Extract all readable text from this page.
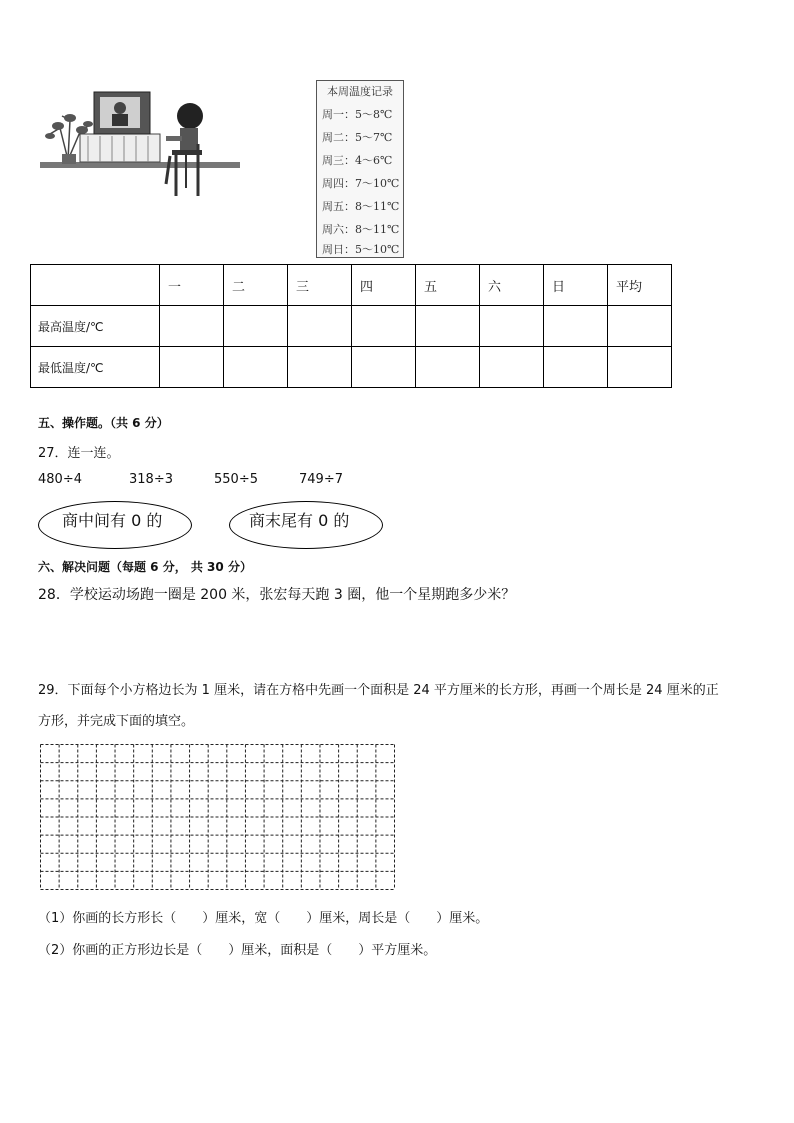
本周温度记录
周一：5～8℃
周二：5～7℃
周三：4～6℃
周四：7～10℃
周五：8～11℃
周六：8～11℃
周日：5～10℃
	一	二	三	四	五	六	日	平均
最高温度/℃								
最低温度/℃								
五、操作题。（共 6 分）
27．连一连。
480÷4	318÷3	550÷5	749÷7
商中间有 0 的	商末尾有 0 的
六、解决问题（每题 6 分， 共 30 分）
28．学校运动场跑一圈是 200 米，张宏每天跑 3 圈，他一个星期跑多少米？
29．下面每个小方格边长为 1 厘米，请在方格中先画一个面积是 24 平方厘米的长方形，再画一个周长是 24 厘米的正
方形，并完成下面的填空。
（1）你画的长方形长（　　）厘米，宽（　　）厘米，周长是（　　）厘米。
（2）你画的正方形边长是（　　）厘米，面积是（　　）平方厘米。
